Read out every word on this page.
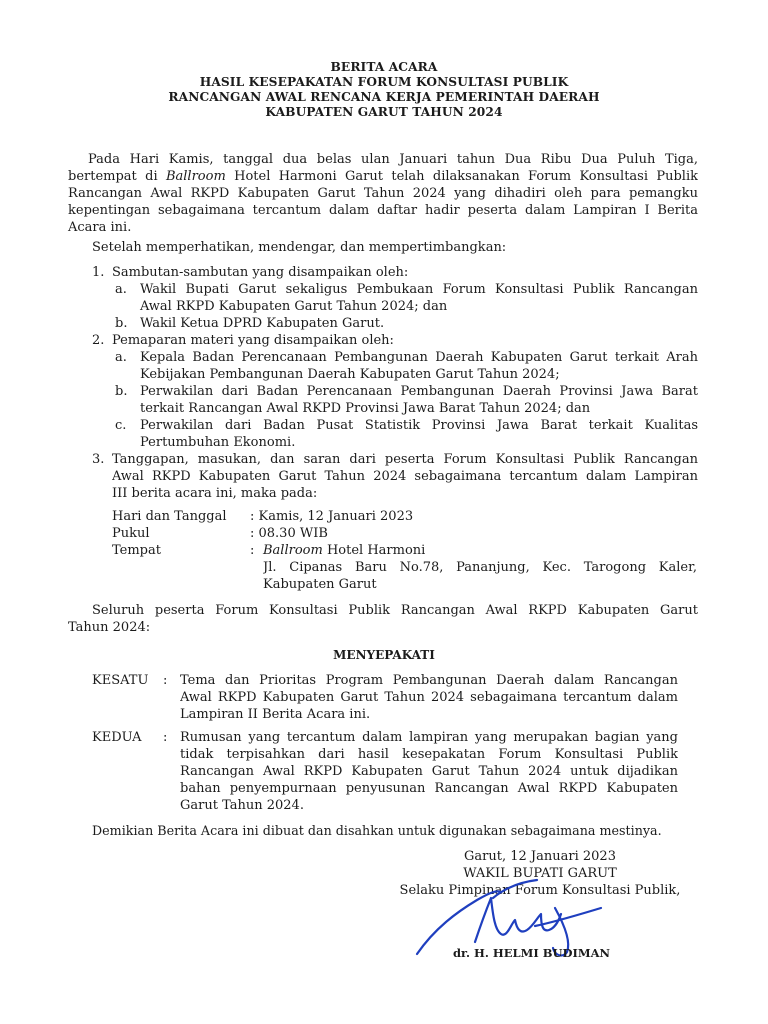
BERITA ACARA
HASIL KESEPAKATAN FORUM KONSULTASI PUBLIK
RANCANGAN AWAL RENCANA KERJA PEMERINTAH DAERAH
KABUPATEN GARUT TAHUN 2024
Pada Hari Kamis, tanggal dua belas ulan Januari tahun Dua Ribu Dua Puluh Tiga,
bertempat di Ballroom Hotel Harmoni Garut telah dilaksanakan Forum Konsultasi Publik
Rancangan Awal RKPD Kabupaten Garut Tahun 2024 yang dihadiri oleh para pemangku
kepentingan sebagaimana tercantum dalam daftar hadir peserta dalam Lampiran I Berita
Acara ini.
Setelah memperhatikan, mendengar, dan mempertimbangkan:
1. Sambutan-sambutan yang disampaikan oleh:
a. Wakil Bupati Garut sekaligus Pembukaan Forum Konsultasi Publik Rancangan
Awal RKPD Kabupaten Garut Tahun 2024; dan
b. Wakil Ketua DPRD Kabupaten Garut.
2. Pemaparan materi yang disampaikan oleh:
a. Kepala Badan Perencanaan Pembangunan Daerah Kabupaten Garut terkait Arah
Kebijakan Pembangunan Daerah Kabupaten Garut Tahun 2024;
b. Perwakilan dari Badan Perencanaan Pembangunan Daerah Provinsi Jawa Barat
terkait Rancangan Awal RKPD Provinsi Jawa Barat Tahun 2024; dan
c. Perwakilan dari Badan Pusat Statistik Provinsi Jawa Barat terkait Kualitas
Pertumbuhan Ekonomi.
3. Tanggapan, masukan, dan saran dari peserta Forum Konsultasi Publik Rancangan
Awal RKPD Kabupaten Garut Tahun 2024 sebagaimana tercantum dalam Lampiran
III berita acara ini, maka pada:
Hari dan Tanggal : Kamis, 12 Januari 2023
Pukul	: 08.30 WIB
Tempat	: Ballroom Hotel Harmoni
Jl. Cipanas Baru No.78, Pananjung, Kec. Tarogong Kaler,
Kabupaten Garut
Seluruh peserta Forum Konsultasi Publik Rancangan Awal RKPD Kabupaten Garut
Tahun 2024:
MENYEPAKATI
KESATU : Tema dan Prioritas Program Pembangunan Daerah dalam Rancangan
Awal RKPD Kabupaten Garut Tahun 2024 sebagaimana tercantum dalam
Lampiran II Berita Acara ini.
KEDUA : Rumusan yang tercantum dalam lampiran yang merupakan bagian yang
tidak terpisahkan dari hasil kesepakatan Forum Konsultasi Publik
Rancangan Awal RKPD Kabupaten Garut Tahun 2024 untuk dijadikan
bahan penyempurnaan penyusunan Rancangan Awal RKPD Kabupaten
Garut Tahun 2024.
Demikian Berita Acara ini dibuat dan disahkan untuk digunakan sebagaimana mestinya.
Garut, 12 Januari 2023
WAKIL BUPATI GARUT
Selaku Pimpinan Forum Konsultasi Publik,
dr. H. HELMI BUDIMAN
